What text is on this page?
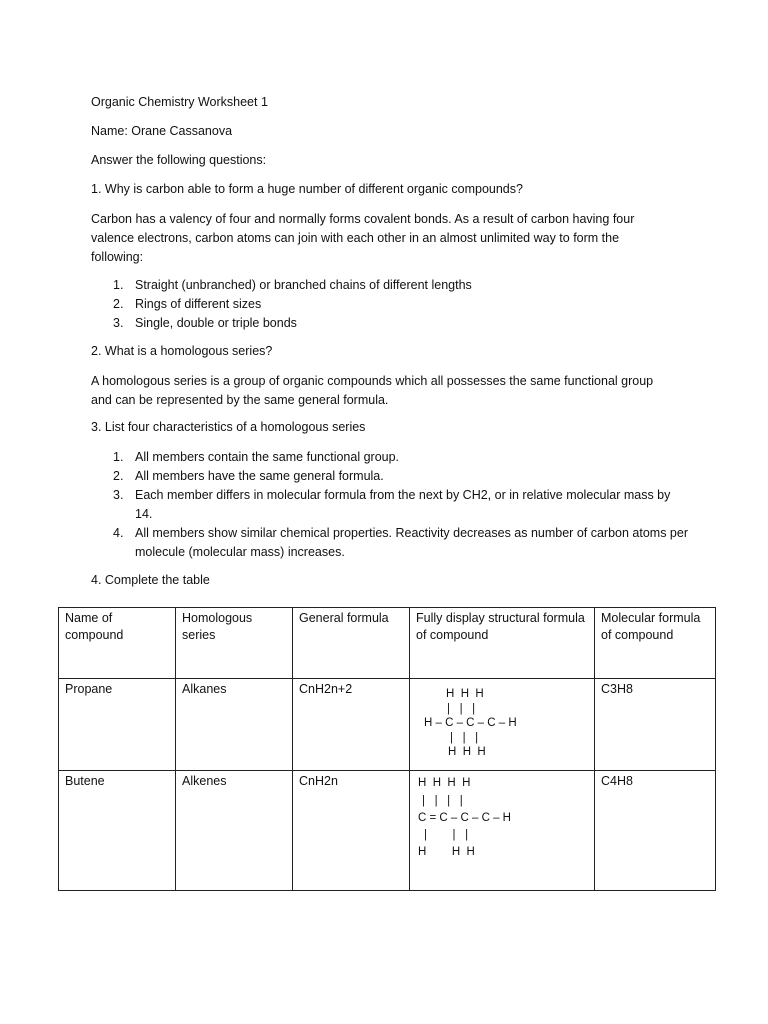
Organic Chemistry Worksheet 1
Name: Orane Cassanova
Answer the following questions:
1. Why is carbon able to form a huge number of different organic compounds?
Carbon has a valency of four and normally forms covalent bonds. As a result of carbon having four valence electrons, carbon atoms can join with each other in an almost unlimited way to form the following:
1. Straight (unbranched) or branched chains of different lengths
2. Rings of different sizes
3. Single, double or triple bonds
2. What is a homologous series?
A homologous series is a group of organic compounds which all possesses the same functional group and can be represented by the same general formula.
3. List four characteristics of a homologous series
1. All members contain the same functional group.
2. All members have the same general formula.
3. Each member differs in molecular formula from the next by CH2, or in relative molecular mass by 14.
4. All members show similar chemical properties. Reactivity decreases as number of carbon atoms per molecule (molecular mass) increases.
4. Complete the table
Name of compound	Homologous series	General formula	Fully display structural formula of compound	Molecular formula of compound
Propane	Alkanes	CnH2n+2	H  H  H
|   |   |
H – C – C – C – H
|   |   |
H  H  H	C3H8
Butene	Alkenes	CnH2n	H  H  H  H
|   |   |   |
C = C – C – C – H
|        |   |
H        H  H	C4H8
